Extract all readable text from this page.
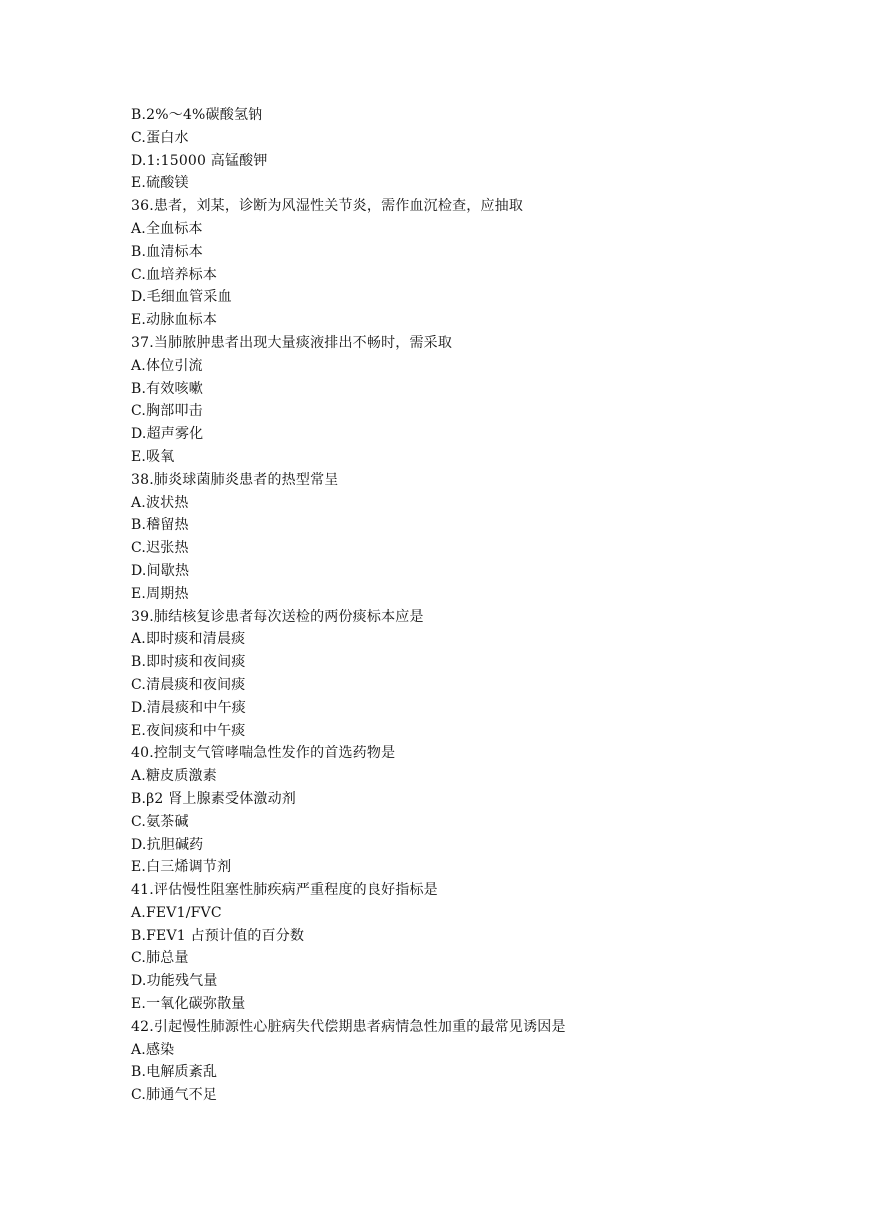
B.2%～4%碳酸氢钠
C.蛋白水
D.1:15000 高锰酸钾
E.硫酸镁
36.患者，刘某，诊断为风湿性关节炎，需作血沉检查，应抽取
A.全血标本
B.血清标本
C.血培养标本
D.毛细血管采血
E.动脉血标本
37.当肺脓肿患者出现大量痰液排出不畅时，需采取
A.体位引流
B.有效咳嗽
C.胸部叩击
D.超声雾化
E.吸氧
38.肺炎球菌肺炎患者的热型常呈
A.波状热
B.稽留热
C.迟张热
D.间歇热
E.周期热
39.肺结核复诊患者每次送检的两份痰标本应是
A.即时痰和清晨痰
B.即时痰和夜间痰
C.清晨痰和夜间痰
D.清晨痰和中午痰
E.夜间痰和中午痰
40.控制支气管哮喘急性发作的首选药物是
A.糖皮质激素
B.β2 肾上腺素受体激动剂
C.氨茶碱
D.抗胆碱药
E.白三烯调节剂
41.评估慢性阻塞性肺疾病严重程度的良好指标是
A.FEV1/FVC
B.FEV1 占预计值的百分数
C.肺总量
D.功能残气量
E.一氧化碳弥散量
42.引起慢性肺源性心脏病失代偿期患者病情急性加重的最常见诱因是
A.感染
B.电解质紊乱
C.肺通气不足
